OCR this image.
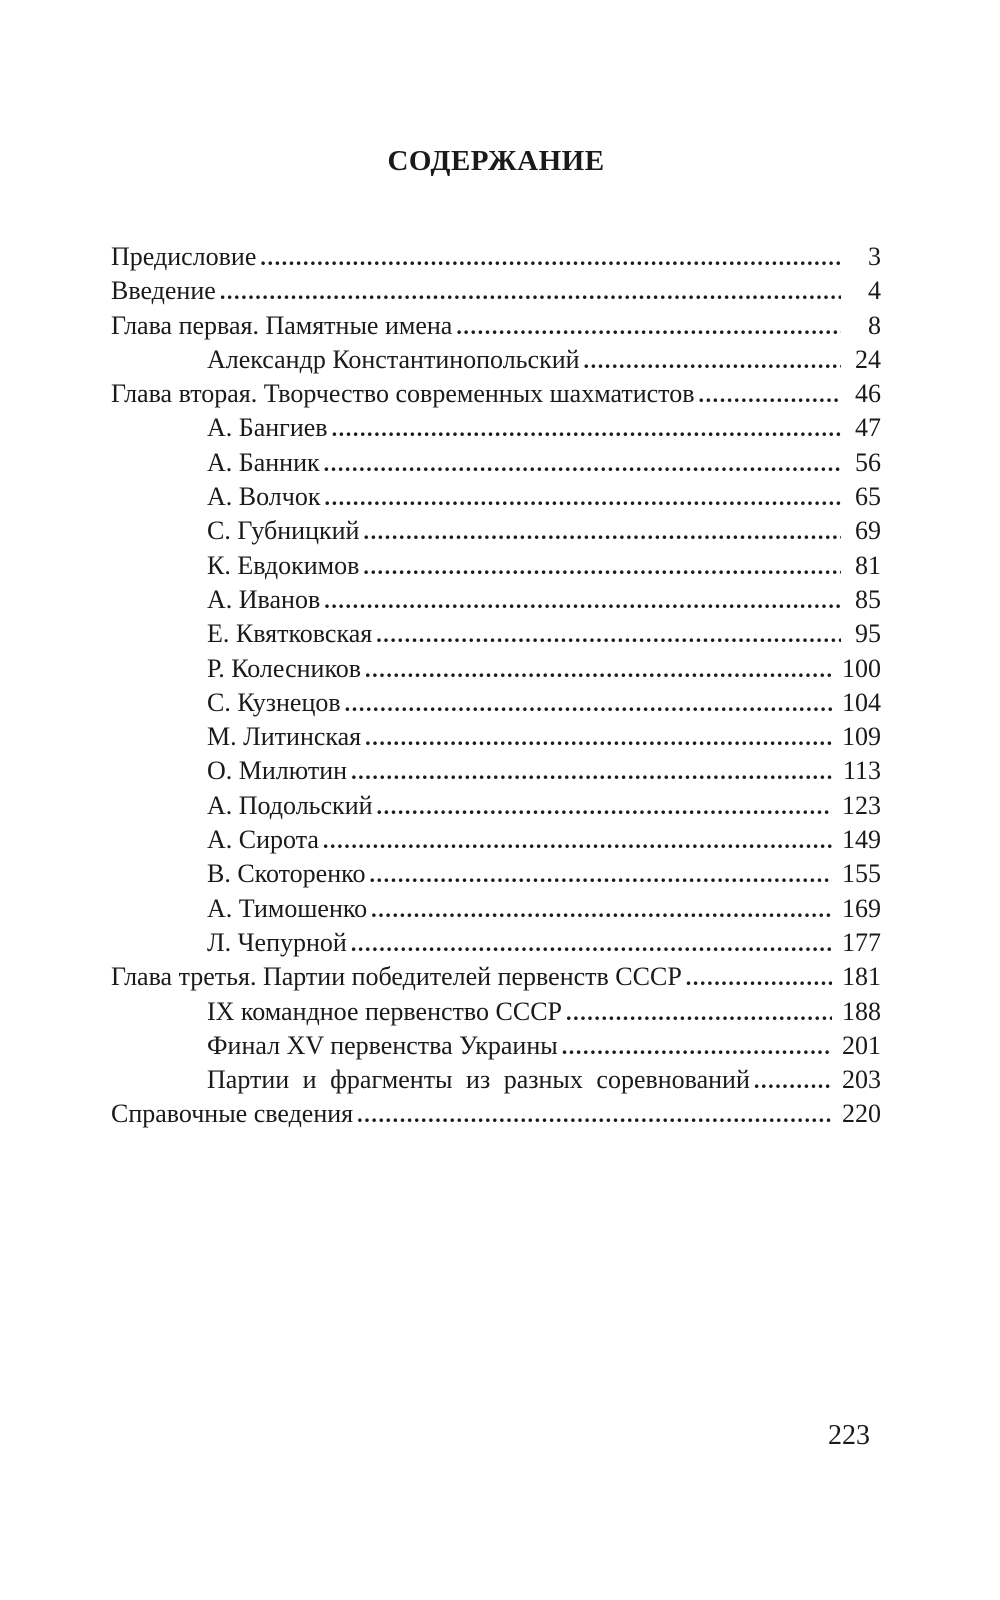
СОДЕРЖАНИЕ
Предисловие .....	3
Введение .....	4
Глава первая. Памятные имена .....	8
Александр Константинопольский .....	24
Глава вторая. Творчество современных шахматистов .....	46
А. Бангиев .....	47
А. Банник .....	56
А. Волчок .....	65
С. Губницкий .....	69
К. Евдокимов .....	81
А. Иванов .....	85
Е. Квятковская .....	95
Р. Колесников .....	100
С. Кузнецов .....	104
М. Литинская .....	109
О. Милютин .....	113
А. Подольский .....	123
А. Сирота .....	149
В. Скоторенко .....	155
А. Тимошенко .....	169
Л. Чепурной .....	177
Глава третья. Партии победителей первенств СССР .....	181
IX командное первенство СССР .....	188
Финал XV первенства Украины .....	201
Партии и фрагменты из разных соревнований .....	203
Справочные сведения .....	220
223
